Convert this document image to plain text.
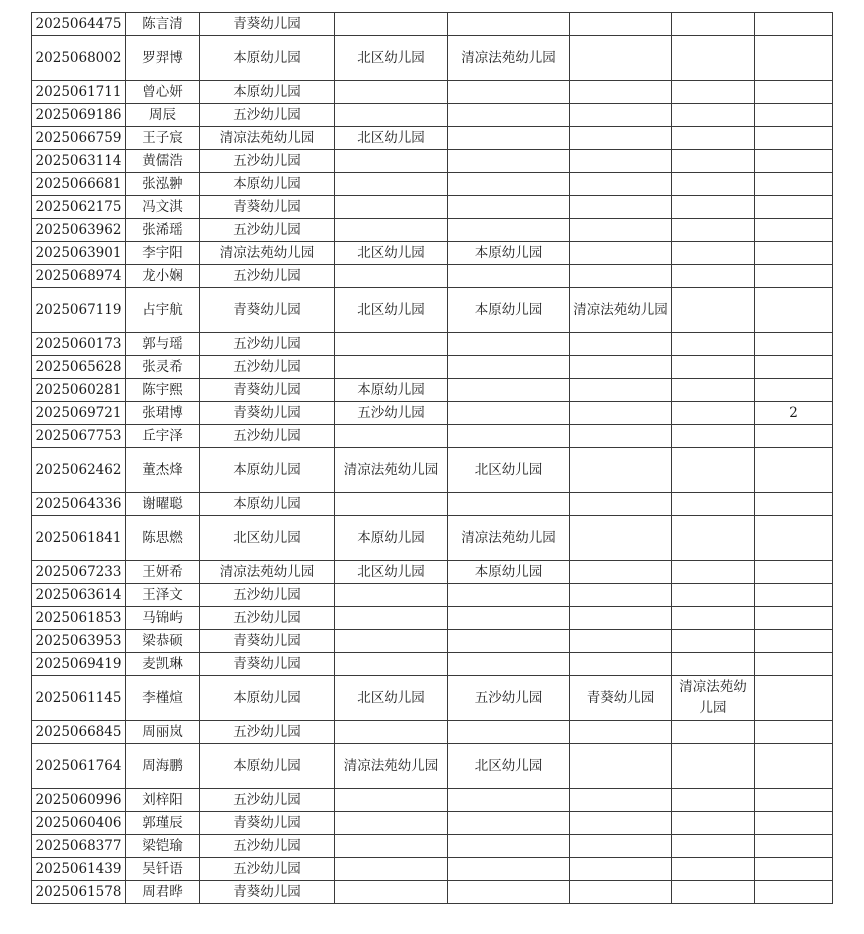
2025064475	陈言清	青葵幼儿园					
2025068002	罗羿博	本原幼儿园	北区幼儿园	清凉法苑幼儿园			
2025061711	曾心妍	本原幼儿园					
2025069186	周辰	五沙幼儿园					
2025066759	王子宸	清凉法苑幼儿园	北区幼儿园				
2025063114	黄儒浩	五沙幼儿园					
2025066681	张泓翀	本原幼儿园					
2025062175	冯文淇	青葵幼儿园					
2025063962	张浠瑶	五沙幼儿园					
2025063901	李宇阳	清凉法苑幼儿园	北区幼儿园	本原幼儿园			
2025068974	龙小娴	五沙幼儿园					
2025067119	占宇航	青葵幼儿园	北区幼儿园	本原幼儿园	清凉法苑幼儿园		
2025060173	郭与瑶	五沙幼儿园					
2025065628	张灵希	五沙幼儿园					
2025060281	陈宇熙	青葵幼儿园	本原幼儿园				
2025069721	张珺博	青葵幼儿园	五沙幼儿园				2
2025067753	丘宇泽	五沙幼儿园					
2025062462	董杰烽	本原幼儿园	清凉法苑幼儿园	北区幼儿园			
2025064336	谢曜聪	本原幼儿园					
2025061841	陈思燃	北区幼儿园	本原幼儿园	清凉法苑幼儿园			
2025067233	王妍希	清凉法苑幼儿园	北区幼儿园	本原幼儿园			
2025063614	王泽文	五沙幼儿园					
2025061853	马锦屿	五沙幼儿园					
2025063953	梁恭硕	青葵幼儿园					
2025069419	麦凯琳	青葵幼儿园					
2025061145	李槿煊	本原幼儿园	北区幼儿园	五沙幼儿园	青葵幼儿园	清凉法苑幼儿园	
2025066845	周丽岚	五沙幼儿园					
2025061764	周海鹏	本原幼儿园	清凉法苑幼儿园	北区幼儿园			
2025060996	刘梓阳	五沙幼儿园					
2025060406	郭瑾辰	青葵幼儿园					
2025068377	梁铠瑜	五沙幼儿园					
2025061439	吴钎语	五沙幼儿园					
2025061578	周君晔	青葵幼儿园					
